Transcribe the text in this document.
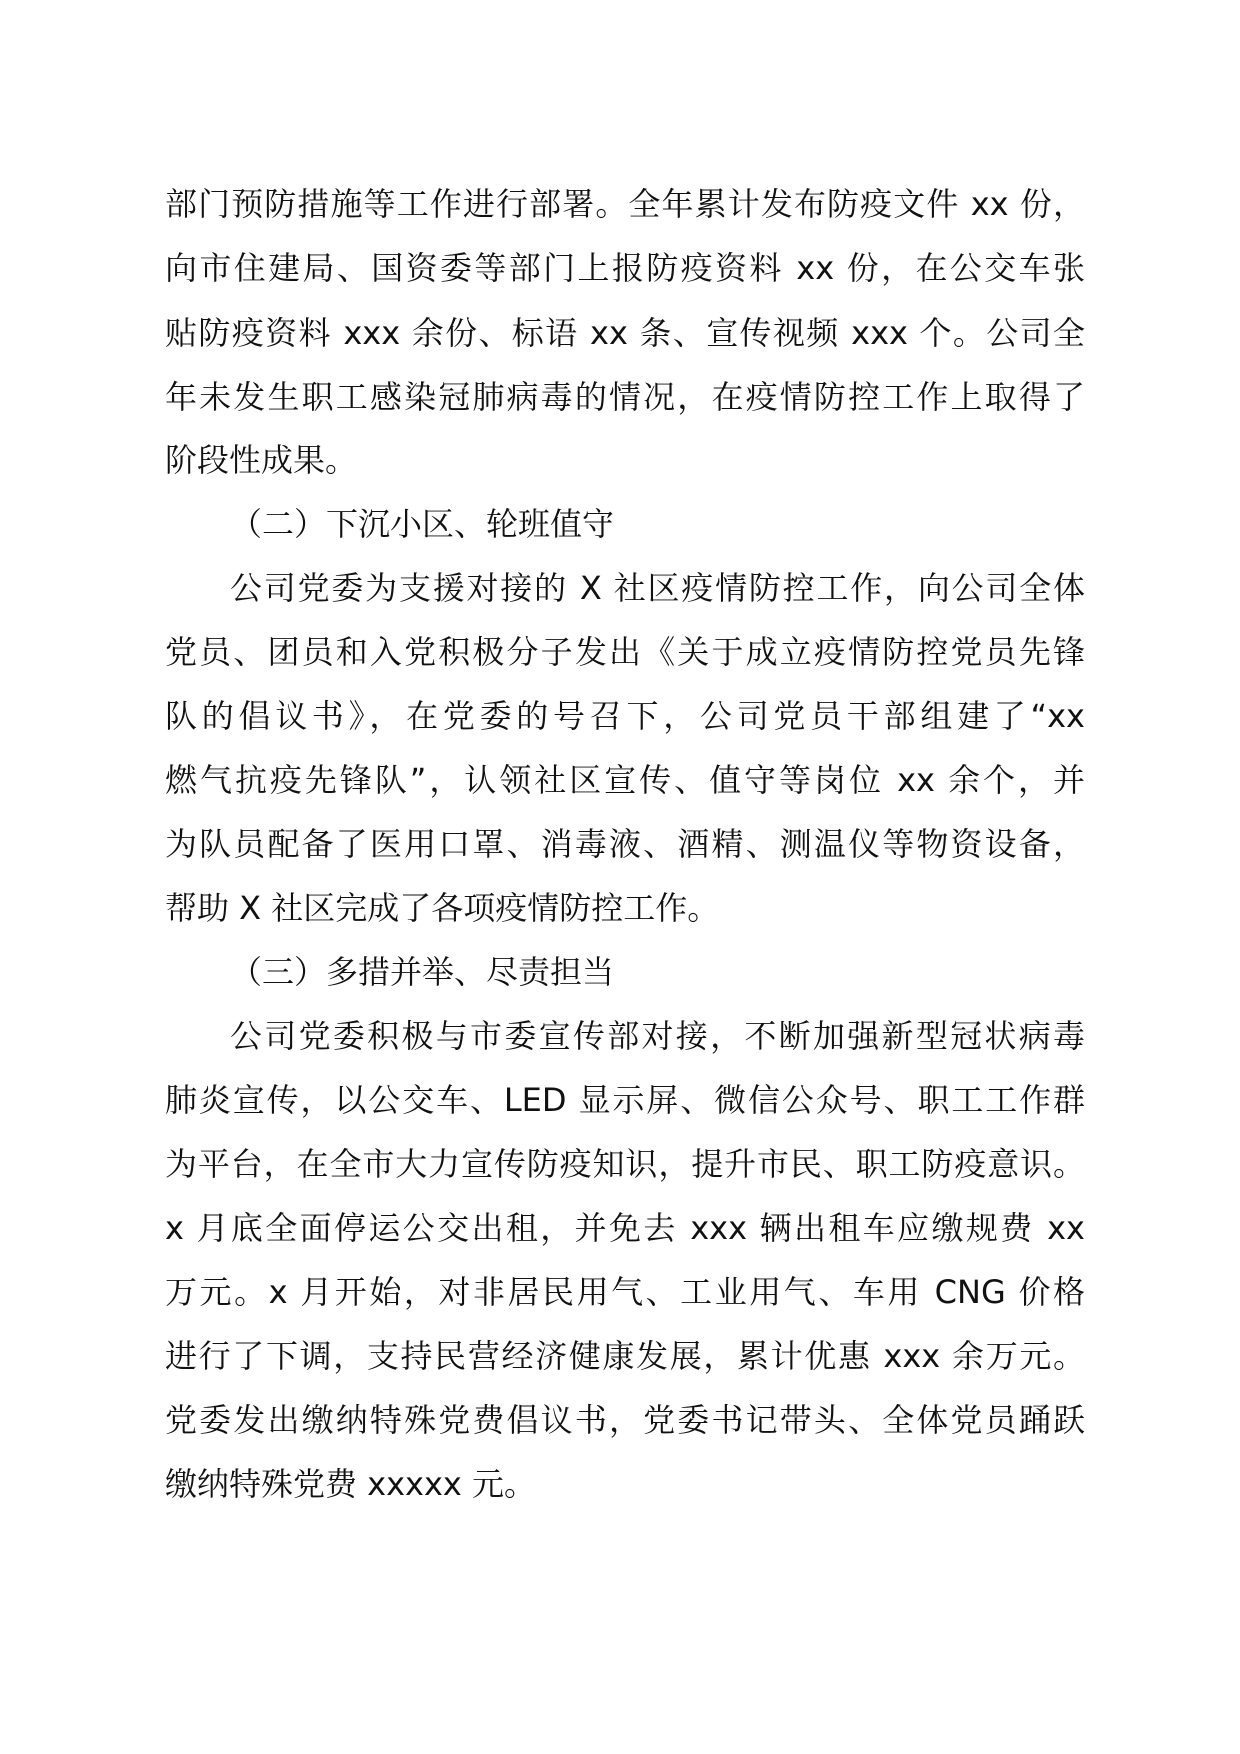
部门预防措施等工作进行部署。全年累计发布防疫文件 xx 份，
向市住建局、国资委等部门上报防疫资料 xx 份，在公交车张
贴防疫资料 xxx 余份、标语 xx 条、宣传视频 xxx 个。公司全
年未发生职工感染冠肺病毒的情况，在疫情防控工作上取得了
阶段性成果。
（二）下沉小区、轮班值守
公司党委为支援对接的 X 社区疫情防控工作，向公司全体
党员、团员和入党积极分子发出《关于成立疫情防控党员先锋
队的倡议书》，在党委的号召下，公司党员干部组建了“xx
燃气抗疫先锋队”，认领社区宣传、值守等岗位 xx 余个，并
为队员配备了医用口罩、消毒液、酒精、测温仪等物资设备，
帮助 X 社区完成了各项疫情防控工作。
（三）多措并举、尽责担当
公司党委积极与市委宣传部对接，不断加强新型冠状病毒
肺炎宣传，以公交车、LED 显示屏、微信公众号、职工工作群
为平台，在全市大力宣传防疫知识，提升市民、职工防疫意识。
x 月底全面停运公交出租，并免去 xxx 辆出租车应缴规费 xx
万元。x 月开始，对非居民用气、工业用气、车用 CNG 价格
进行了下调，支持民营经济健康发展，累计优惠 xxx 余万元。
党委发出缴纳特殊党费倡议书，党委书记带头、全体党员踊跃
缴纳特殊党费 xxxxx 元。
